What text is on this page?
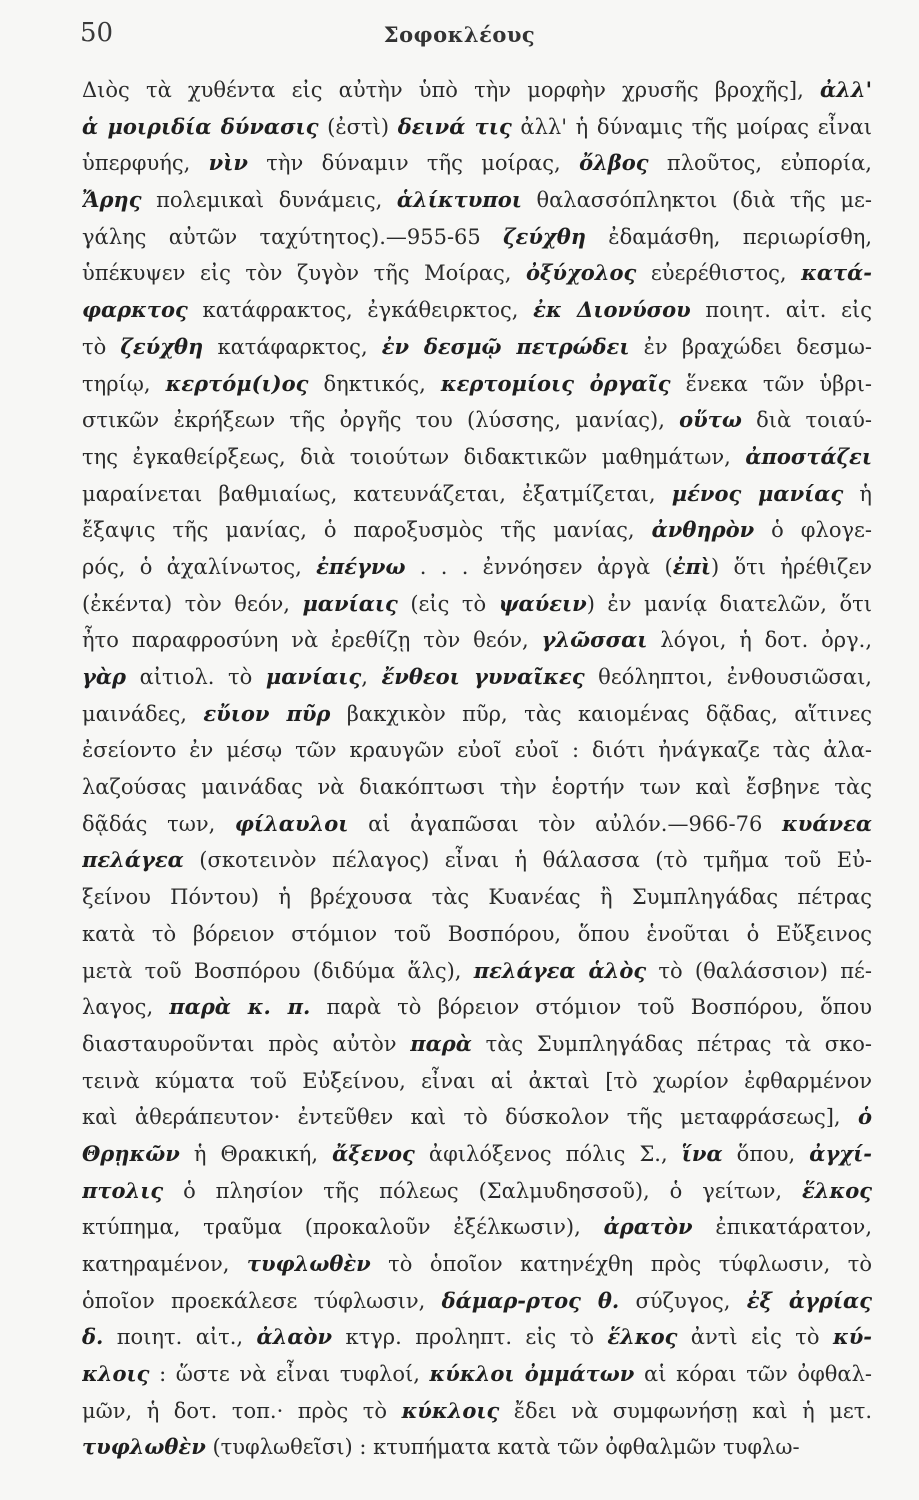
50	Σοφοκλέους
Διὸς τὰ χυθέντα εἰς αὐτὴν ὑπὸ τὴν μορφὴν χρυσῆς βροχῆς], ἀλλ'
ἁ μοιριδία δύνασις (ἐστὶ) δεινά τις ἀλλ' ἡ δύναμις τῆς μοίρας εἶναι
ὑπερφυής, νὶν τὴν δύναμιν τῆς μοίρας, ὄλβος πλοῦτος, εὐπορία,
Ἄρης πολεμικαὶ δυνάμεις, ἁλίκτυποι θαλασσόπληκτοι (διὰ τῆς με-
γάλης αὐτῶν ταχύτητος).—955-65 ζεύχθη ἐδαμάσθη, περιωρίσθη,
ὑπέκυψεν εἰς τὸν ζυγὸν τῆς Μοίρας, ὀξύχολος εὐερέθιστος, κατά-
φαρκτος κατάφρακτος, ἐγκάθειρκτος, ἐκ Διονύσου ποιητ. αἰτ. εἰς
τὸ ζεύχθη κατάφαρκτος, ἐν δεσμῷ πετρώδει ἐν βραχώδει δεσμω-
τηρίῳ, κερτόμ(ι)ος δηκτικός, κερτομίοις ὀργαῖς ἕνεκα τῶν ὑβρι-
στικῶν ἐκρήξεων τῆς ὀργῆς του (λύσσης, μανίας), οὕτω διὰ τοιαύ-
της ἐγκαθείρξεως, διὰ τοιούτων διδακτικῶν μαθημάτων, ἀποστάζει
μαραίνεται βαθμιαίως, κατευνάζεται, ἐξατμίζεται, μένος μανίας ἡ
ἔξαψις τῆς μανίας, ὁ παροξυσμὸς τῆς μανίας, ἀνθηρὸν ὁ φλογε-
ρός, ὁ ἀχαλίνωτος, ἐπέγνω . . . ἐννόησεν ἀργὰ (ἐπὶ) ὅτι ἠρέθιζεν
(ἐκέντα) τὸν θεόν, μανίαις (εἰς τὸ ψαύειν) ἐν μανίᾳ διατελῶν, ὅτι
ἦτο παραφροσύνη νὰ ἐρεθίζῃ τὸν θεόν, γλῶσσαι λόγοι, ἡ δοτ. ὀργ.,
γὰρ αἰτιολ. τὸ μανίαις, ἔνθεοι γυναῖκες θεόληπτοι, ἐνθουσιῶσαι,
μαινάδες, εὔιον πῦρ βακχικὸν πῦρ, τὰς καιομένας δᾷδας, αἵτινες
ἐσείοντο ἐν μέσῳ τῶν κραυγῶν εὐοῖ εὐοῖ : διότι ἠνάγκαζε τὰς ἀλα-
λαζούσας μαινάδας νὰ διακόπτωσι τὴν ἑορτήν των καὶ ἔσβηνε τὰς
δᾷδάς των, φίλαυλοι αἱ ἀγαπῶσαι τὸν αὐλόν.—966-76 κυάνεα
πελάγεα (σκοτεινὸν πέλαγος) εἶναι ἡ θάλασσα (τὸ τμῆμα τοῦ Εὐ-
ξείνου Πόντου) ἡ βρέχουσα τὰς Κυανέας ἢ Συμπληγάδας πέτρας
κατὰ τὸ βόρειον στόμιον τοῦ Βοσπόρου, ὅπου ἑνοῦται ὁ Εὔξεινος
μετὰ τοῦ Βοσπόρου (διδύμα ἅλς), πελάγεα ἁλὸς τὸ (θαλάσσιον) πέ-
λαγος, παρὰ κ. π. παρὰ τὸ βόρειον στόμιον τοῦ Βοσπόρου, ὅπου
διασταυροῦνται πρὸς αὐτὸν παρὰ τὰς Συμπληγάδας πέτρας τὰ σκο-
τεινὰ κύματα τοῦ Εὐξείνου, εἶναι αἱ ἀκταὶ [τὸ χωρίον ἐφθαρμένον
καὶ ἀθεράπευτον· ἐντεῦθεν καὶ τὸ δύσκολον τῆς μεταφράσεως], ὁ
Θρῃκῶν ἡ Θρακική, ἄξενος ἀφιλόξενος πόλις Σ., ἵνα ὅπου, ἀγχί-
πτολις ὁ πλησίον τῆς πόλεως (Σαλμυδησσοῦ), ὁ γείτων, ἕλκος
κτύπημα, τραῦμα (προκαλοῦν ἐξέλκωσιν), ἀρατὸν ἐπικατάρατον,
κατηραμένον, τυφλωθὲν τὸ ὁποῖον κατηνέχθη πρὸς τύφλωσιν, τὸ
ὁποῖον προεκάλεσε τύφλωσιν, δάμαρ-ρτος θ. σύζυγος, ἐξ ἀγρίας
δ. ποιητ. αἰτ., ἀλαὸν κτγρ. προληπτ. εἰς τὸ ἕλκος ἀντὶ εἰς τὸ κύ-
κλοις : ὥστε νὰ εἶναι τυφλοί, κύκλοι ὀμμάτων αἱ κόραι τῶν ὀφθαλ-
μῶν, ἡ δοτ. τοπ.· πρὸς τὸ κύκλοις ἔδει νὰ συμφωνήσῃ καὶ ἡ μετ.
τυφλωθὲν (τυφλωθεῖσι) : κτυπήματα κατὰ τῶν ὀφθαλμῶν τυφλω-
